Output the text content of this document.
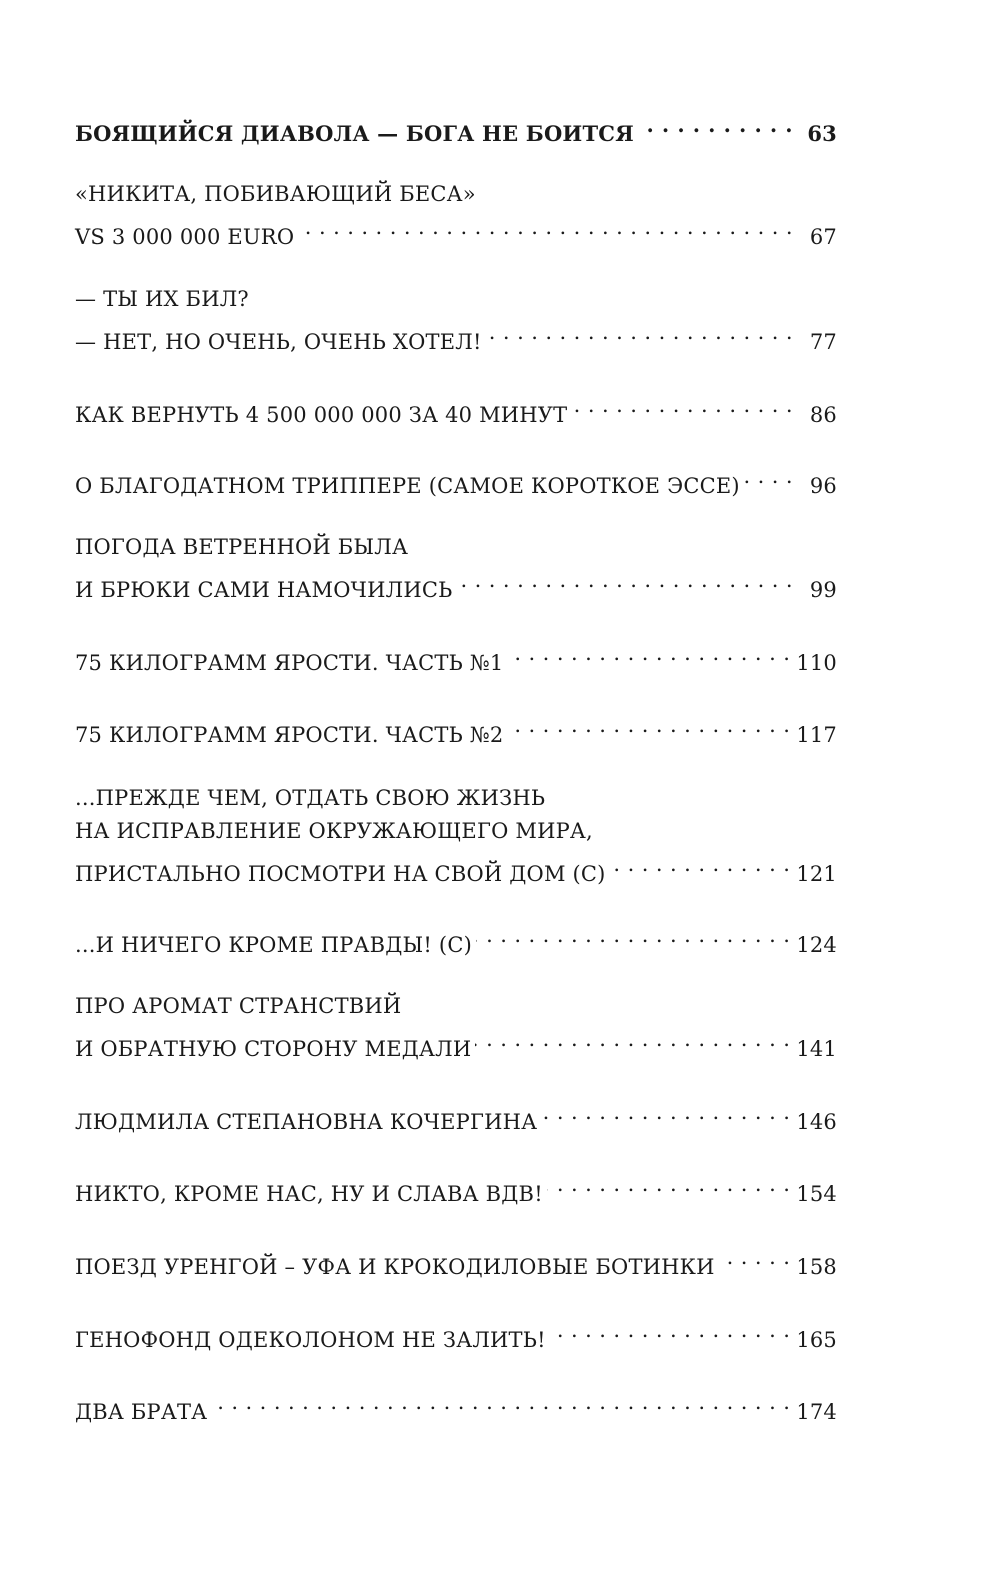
БОЯЩИЙСЯ ДИАВОЛА — БОГА НЕ БОИТСЯ . . .	63
«НИКИТА, ПОБИВАЮЩИЙ БЕСА»
VS 3 000 000 EURO . . .	67
— ТЫ ИХ БИЛ?
— НЕТ, НО ОЧЕНЬ, ОЧЕНЬ ХОТЕЛ! . . .	77
КАК ВЕРНУТЬ 4 500 000 000 ЗА 40 МИНУТ . . .	86
О БЛАГОДАТНОМ ТРИППЕРЕ (САМОЕ КОРОТКОЕ ЭССЕ) . . .	96
ПОГОДА ВЕТРЕННОЙ БЫЛА
И БРЮКИ САМИ НАМОЧИЛИСЬ . . .	99
75 КИЛОГРАММ ЯРОСТИ. ЧАСТЬ №1 . . .	110
75 КИЛОГРАММ ЯРОСТИ. ЧАСТЬ №2 . . .	117
...ПРЕЖДЕ ЧЕМ, ОТДАТЬ СВОЮ ЖИЗНЬ
НА ИСПРАВЛЕНИЕ ОКРУЖАЮЩЕГО МИРА,
ПРИСТАЛЬНО ПОСМОТРИ НА СВОЙ ДОМ (С) . . .	121
...И НИЧЕГО КРОМЕ ПРАВДЫ! (С) . . .	124
ПРО АРОМАТ СТРАНСТВИЙ
И ОБРАТНУЮ СТОРОНУ МЕДАЛИ . . .	141
ЛЮДМИЛА СТЕПАНОВНА КОЧЕРГИНА . . .	146
НИКТО, КРОМЕ НАС, НУ И СЛАВА ВДВ! . . .	154
ПОЕЗД УРЕНГОЙ – УФА И КРОКОДИЛОВЫЕ БОТИНКИ . . .	158
ГЕНОФОНД ОДЕКОЛОНОМ НЕ ЗАЛИТЬ! . . .	165
ДВА БРАТА . . .	174
